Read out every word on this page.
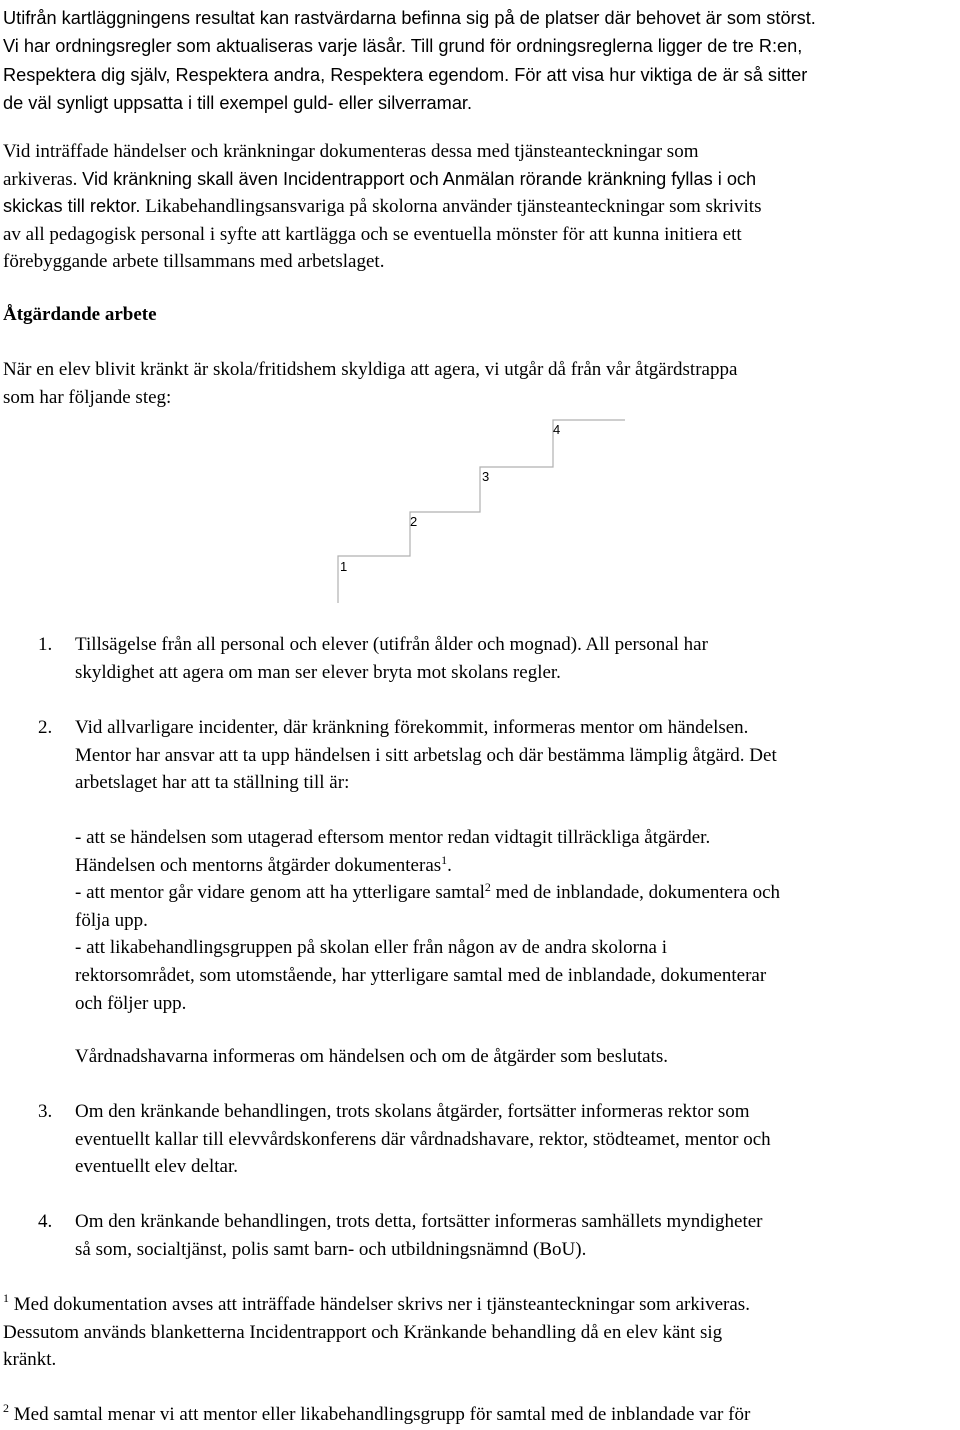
Utifrån kartläggningens resultat kan rastvärdarna befinna sig på de platser där behovet är som störst.
Vi har ordningsregler som aktualiseras varje läsår. Till grund för ordningsreglerna ligger de tre R:en,
Respektera dig själv, Respektera andra, Respektera egendom. För att visa hur viktiga de är så sitter
de väl synligt uppsatta i till exempel guld- eller silverramar.
Vid inträffade händelser och kränkningar dokumenteras dessa med tjänsteanteckningar som
arkiveras. Vid kränkning skall även Incidentrapport och Anmälan rörande kränkning fyllas i och
skickas till rektor. Likabehandlingsansvariga på skolorna använder tjänsteanteckningar som skrivits
av all pedagogisk personal i syfte att kartlägga och se eventuella mönster för att kunna initiera ett
förebyggande arbete tillsammans med arbetslaget.
Åtgärdande arbete
När en elev blivit kränkt är skola/fritidshem skyldiga att agera, vi utgår då från vår åtgärdstrappa
som har följande steg:
1
2
3
4
1.	Tillsägelse från all personal och elever (utifrån ålder och mognad). All personal har
skyldighet att agera om man ser elever bryta mot skolans regler.
2.	Vid allvarligare incidenter, där kränkning förekommit, informeras mentor om händelsen.
Mentor har ansvar att ta upp händelsen i sitt arbetslag och där bestämma lämplig åtgärd. Det
arbetslaget har att ta ställning till är:
- att se händelsen som utagerad eftersom mentor redan vidtagit tillräckliga åtgärder.
Händelsen och mentorns åtgärder dokumenteras$^1$.
- att mentor går vidare genom att ha ytterligare samtal$^2$ med de inblandade, dokumentera och
följa upp.
- att likabehandlingsgruppen på skolan eller från någon av de andra skolorna i
rektorsområdet, som utomstående, har ytterligare samtal med de inblandade, dokumenterar
och följer upp.
Vårdnadshavarna informeras om händelsen och om de åtgärder som beslutats.
3.	Om den kränkande behandlingen, trots skolans åtgärder, fortsätter informeras rektor som
eventuellt kallar till elevvårdskonferens där vårdnadshavare, rektor, stödteamet, mentor och
eventuellt elev deltar.
4.	Om den kränkande behandlingen, trots detta, fortsätter informeras samhällets myndigheter
så som, socialtjänst, polis samt barn- och utbildningsnämnd (BoU).
$^1$ Med dokumentation avses att inträffade händelser skrivs ner i tjänsteanteckningar som arkiveras.
Dessutom används blanketterna Incidentrapport och Kränkande behandling då en elev känt sig
kränkt.
$^2$ Med samtal menar vi att mentor eller likabehandlingsgrupp för samtal med de inblandade var för
